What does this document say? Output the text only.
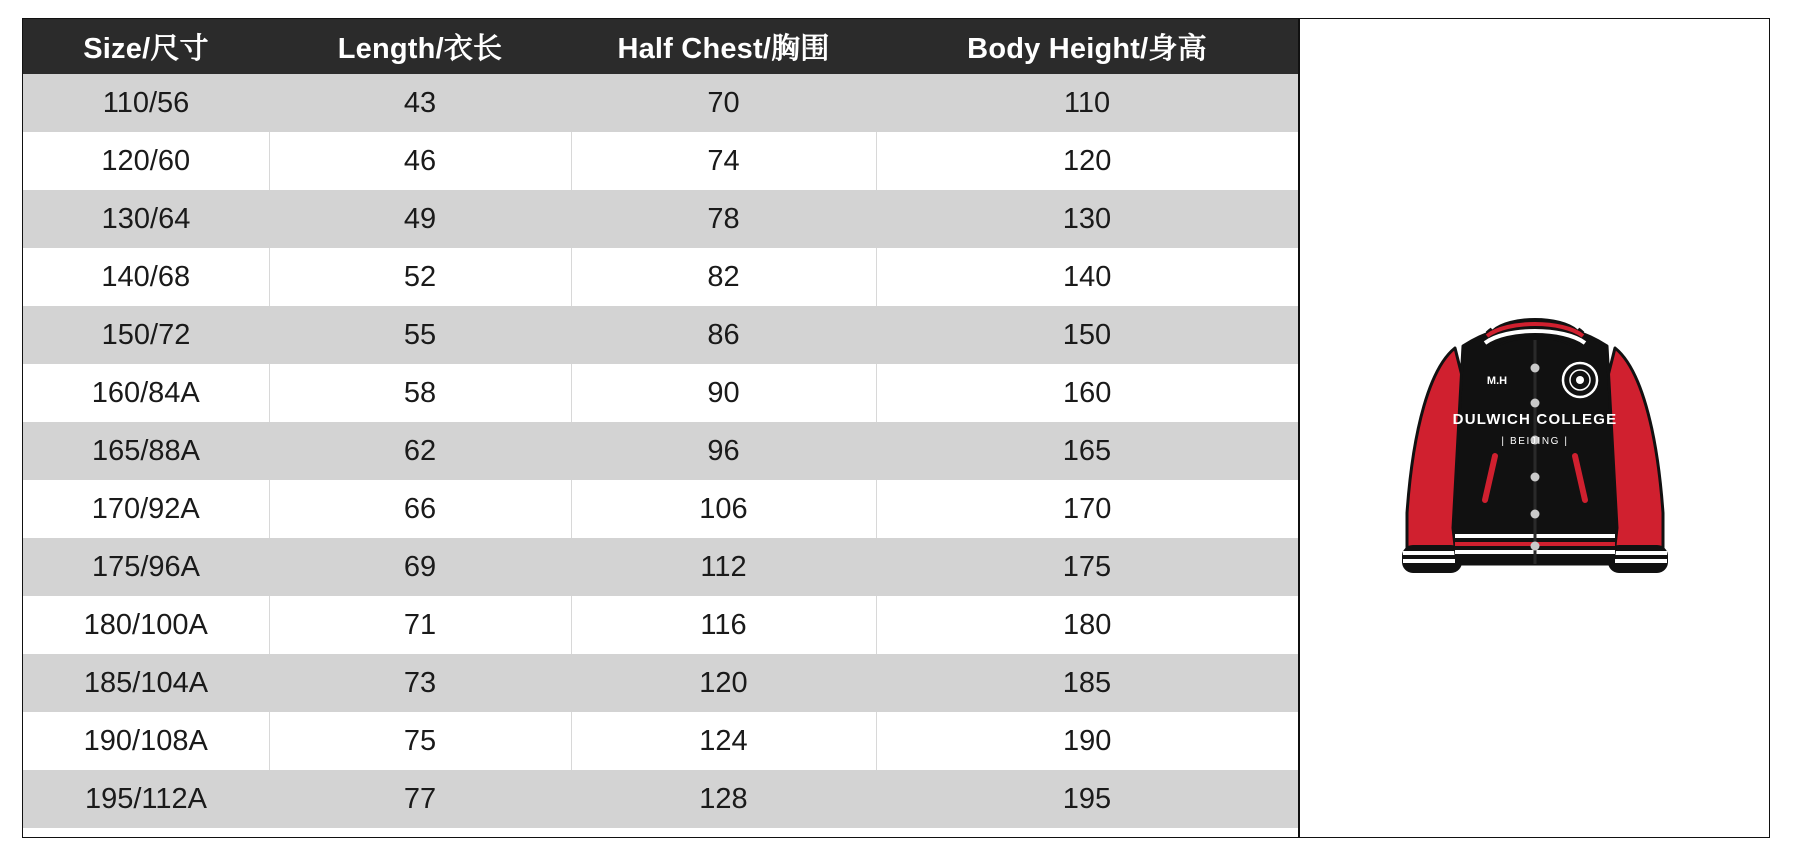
Size/尺寸	Length/衣长	Half Chest/胸围	Body Height/身高
110/56	43	70	110
120/60	46	74	120
130/64	49	78	130
140/68	52	82	140
150/72	55	86	150
160/84A	58	90	160
165/88A	62	96	165
170/92A	66	106	170
175/96A	69	112	175
180/100A	71	116	180
185/104A	73	120	185
190/108A	75	124	190
195/112A	77	128	195
M.H
DULWICH COLLEGE
| BEIJING |
